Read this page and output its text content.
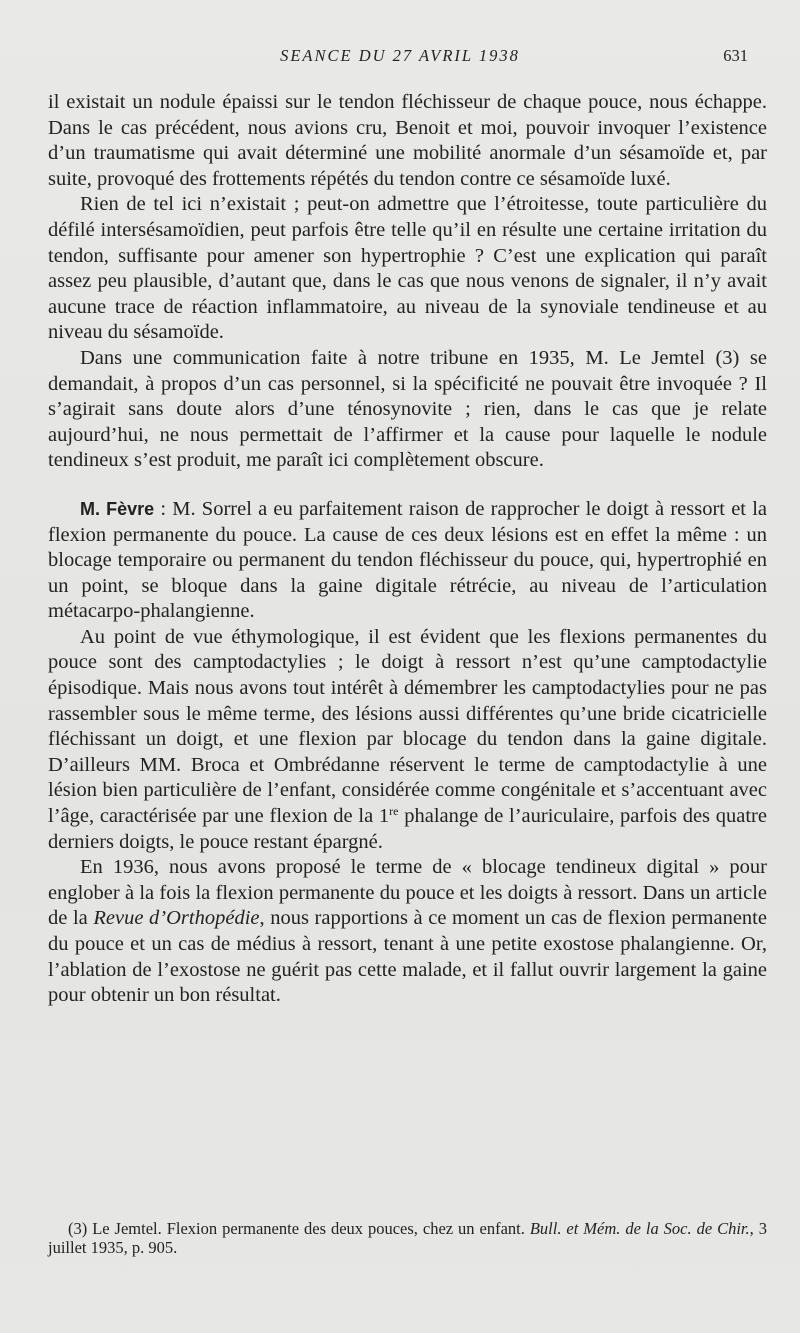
SEANCE DU 27 AVRIL 1938	631

il existait un nodule épaissi sur le tendon fléchisseur de chaque pouce, nous échappe. Dans le cas précédent, nous avions cru, Benoit et moi, pouvoir invoquer l’existence d’un traumatisme qui avait déterminé une mobilité anormale d’un sésamoïde et, par suite, provoqué des frottements répétés du tendon contre ce sésamoïde luxé.

Rien de tel ici n’existait ; peut-on admettre que l’étroitesse, toute particulière du défilé intersésamoïdien, peut parfois être telle qu’il en résulte une certaine irritation du tendon, suffisante pour amener son hypertrophie ? C’est une explication qui paraît assez peu plausible, d’autant que, dans le cas que nous venons de signaler, il n’y avait aucune trace de réaction inflammatoire, au niveau de la synoviale tendineuse et au niveau du sésamoïde.

Dans une communication faite à notre tribune en 1935, M. Le Jemtel (3) se demandait, à propos d’un cas personnel, si la spécificité ne pouvait être invoquée ? Il s’agirait sans doute alors d’une ténosynovite ; rien, dans le cas que je relate aujourd’hui, ne nous permettait de l’affirmer et la cause pour laquelle le nodule tendineux s’est produit, me paraît ici complètement obscure.

M. Fèvre : M. Sorrel a eu parfaitement raison de rapprocher le doigt à ressort et la flexion permanente du pouce. La cause de ces deux lésions est en effet la même : un blocage temporaire ou permanent du tendon fléchisseur du pouce, qui, hypertrophié en un point, se bloque dans la gaine digitale rétrécie, au niveau de l’articulation métacarpo-phalangienne.

Au point de vue éthymologique, il est évident que les flexions permanentes du pouce sont des camptodactylies ; le doigt à ressort n’est qu’une camptodactylie épisodique. Mais nous avons tout intérêt à démembrer les camptodactylies pour ne pas rassembler sous le même terme, des lésions aussi différentes qu’une bride cicatricielle fléchissant un doigt, et une flexion par blocage du tendon dans la gaine digitale. D’ailleurs MM. Broca et Ombrédanne réservent le terme de camptodactylie à une lésion bien particulière de l’enfant, considérée comme congénitale et s’accentuant avec l’âge, caractérisée par une flexion de la 1re phalange de l’auriculaire, parfois des quatre derniers doigts, le pouce restant épargné.

En 1936, nous avons proposé le terme de « blocage tendineux digital » pour englober à la fois la flexion permanente du pouce et les doigts à ressort. Dans un article de la Revue d’Orthopédie, nous rapportions à ce moment un cas de flexion permanente du pouce et un cas de médius à ressort, tenant à une petite exostose phalangienne. Or, l’ablation de l’exostose ne guérit pas cette malade, et il fallut ouvrir largement la gaine pour obtenir un bon résultat.

(3) Le Jemtel. Flexion permanente des deux pouces, chez un enfant. Bull. et Mém. de la Soc. de Chir., 3 juillet 1935, p. 905.
